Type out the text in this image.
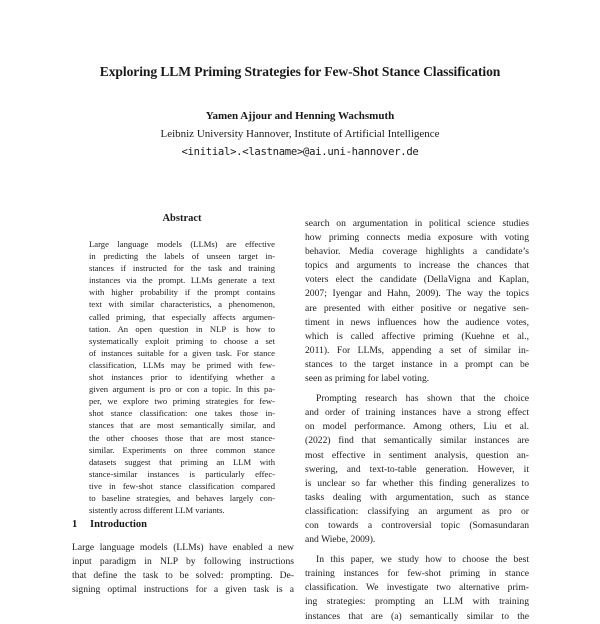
Exploring LLM Priming Strategies for Few-Shot Stance Classification
Yamen Ajjour and Henning Wachsmuth
Leibniz University Hannover, Institute of Artificial Intelligence
<initial>.<lastname>@ai.uni-hannover.de
Abstract
Large language models (LLMs) are effective
in predicting the labels of unseen target in-
stances if instructed for the task and training
instances via the prompt. LLMs generate a text
with higher probability if the prompt contains
text with similar characteristics, a phenomenon,
called priming, that especially affects argumen-
tation. An open question in NLP is how to
systematically exploit priming to choose a set
of instances suitable for a given task. For stance
classification, LLMs may be primed with few-
shot instances prior to identifying whether a
given argument is pro or con a topic. In this pa-
per, we explore two priming strategies for few-
shot stance classification: one takes those in-
stances that are most semantically similar, and
the other chooses those that are most stance-
similar. Experiments on three common stance
datasets suggest that priming an LLM with
stance-similar instances is particularly effec-
tive in few-shot stance classification compared
to baseline strategies, and behaves largely con-
sistently across different LLM variants.
1 Introduction
Large language models (LLMs) have enabled a new
input paradigm in NLP by following instructions
that define the task to be solved: prompting. De-
signing optimal instructions for a given task is a
search on argumentation in political science studies
how priming connects media exposure with voting
behavior. Media coverage highlights a candidate’s
topics and arguments to increase the chances that
voters elect the candidate (DellaVigna and Kaplan,
2007; Iyengar and Hahn, 2009). The way the topics
are presented with either positive or negative sen-
timent in news influences how the audience votes,
which is called affective priming (Kuehne et al.,
2011). For LLMs, appending a set of similar in-
stances to the target instance in a prompt can be
seen as priming for label voting.
Prompting research has shown that the choice
and order of training instances have a strong effect
on model performance. Among others, Liu et al.
(2022) find that semantically similar instances are
most effective in sentiment analysis, question an-
swering, and text-to-table generation. However, it
is unclear so far whether this finding generalizes to
tasks dealing with argumentation, such as stance
classification: classifying an argument as pro or
con towards a controversial topic (Somasundaran
and Wiebe, 2009).
In this paper, we study how to choose the best
training instances for few-shot priming in stance
classification. We investigate two alternative prim-
ing strategies: prompting an LLM with training
instances that are (a) semantically similar to the
